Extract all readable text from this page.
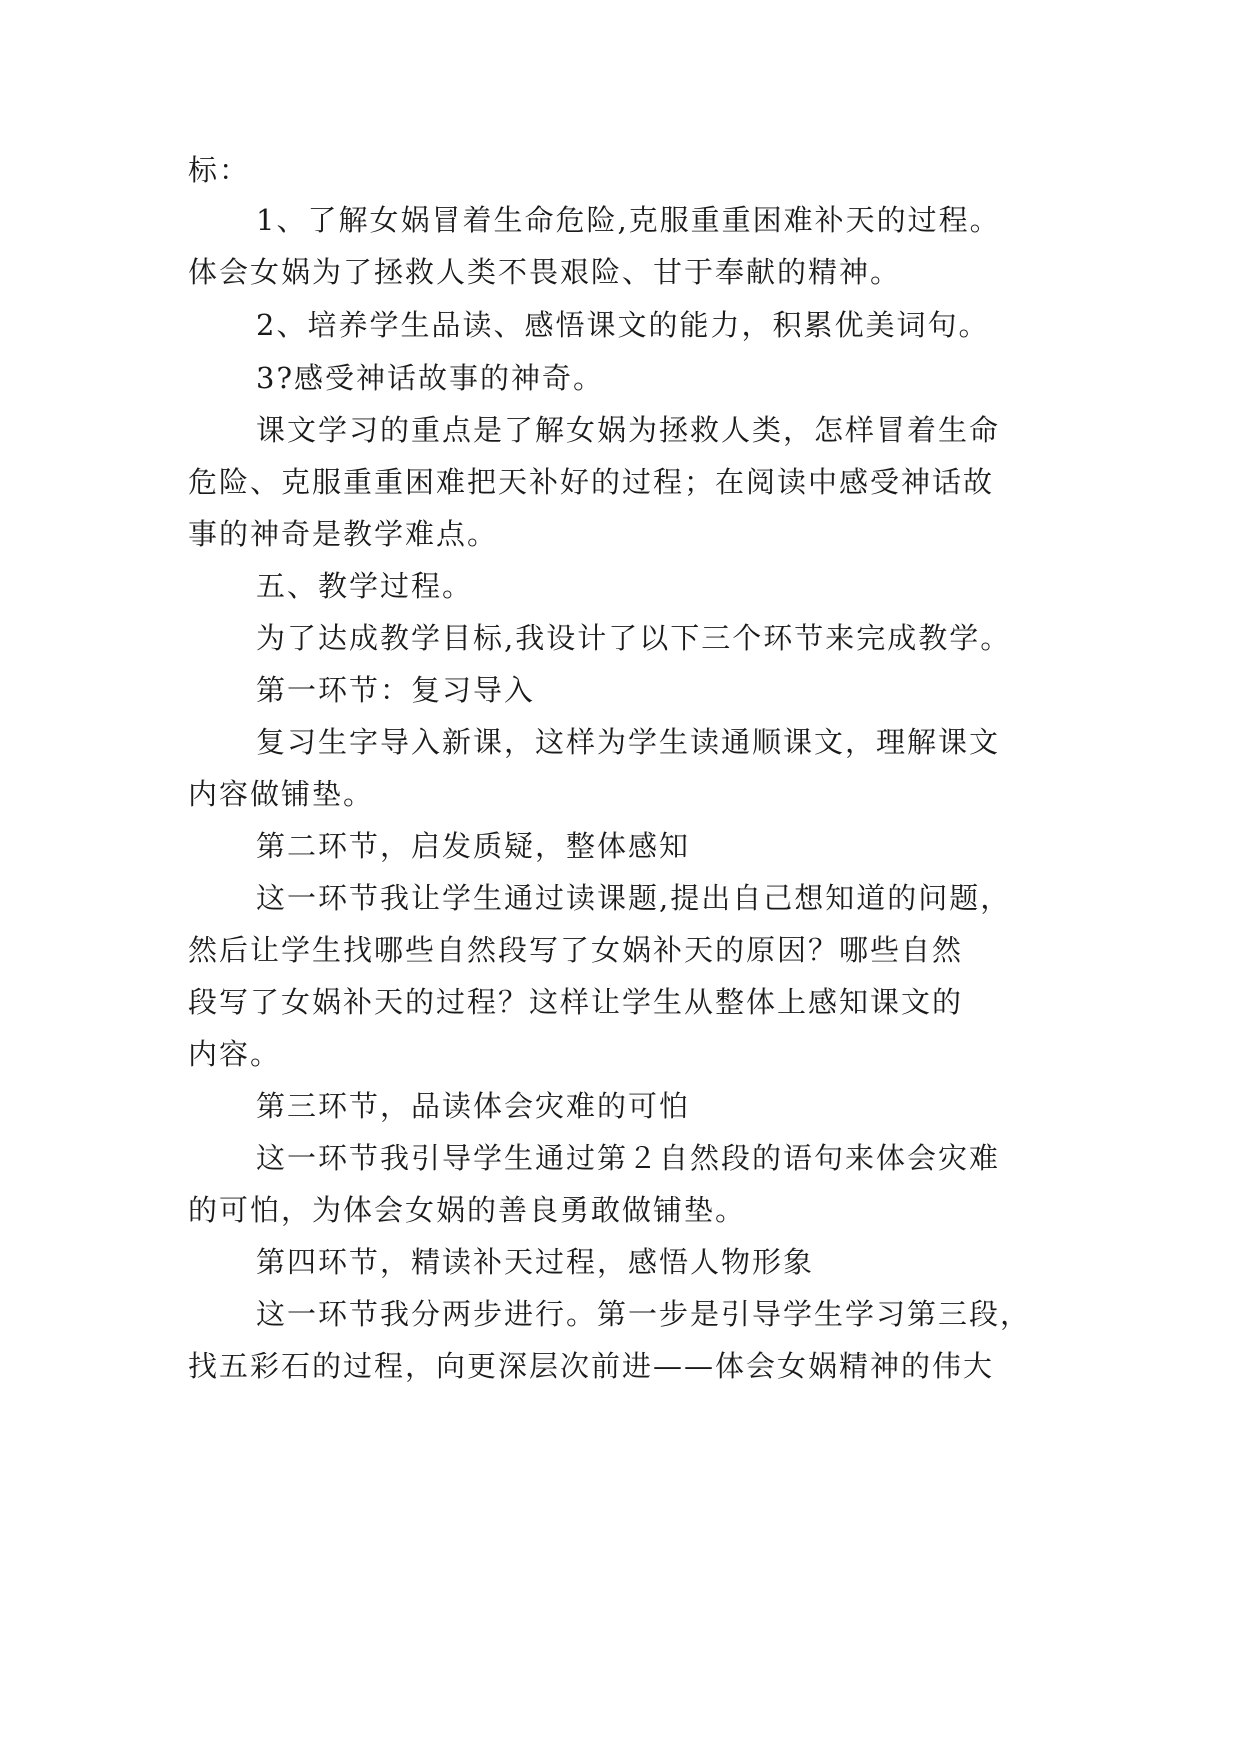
标：
1、了解女娲冒着生命危险,克服重重困难补天的过程。
体会女娲为了拯救人类不畏艰险、甘于奉献的精神。
2、培养学生品读、感悟课文的能力，积累优美词句。
3?感受神话故事的神奇。
课文学习的重点是了解女娲为拯救人类，怎样冒着生命
危险、克服重重困难把天补好的过程；在阅读中感受神话故
事的神奇是教学难点。
五、教学过程。
为了达成教学目标,我设计了以下三个环节来完成教学。
第一环节：复习导入
复习生字导入新课，这样为学生读通顺课文，理解课文
内容做铺垫。
第二环节，启发质疑，整体感知
这一环节我让学生通过读课题,提出自己想知道的问题，
然后让学生找哪些自然段写了女娲补天的原因？哪些自然
段写了女娲补天的过程？这样让学生从整体上感知课文的
内容。
第三环节，品读体会灾难的可怕
这一环节我引导学生通过第２自然段的语句来体会灾难
的可怕，为体会女娲的善良勇敢做铺垫。
第四环节，精读补天过程，感悟人物形象
这一环节我分两步进行。第一步是引导学生学习第三段，
找五彩石的过程，向更深层次前进——体会女娲精神的伟大
